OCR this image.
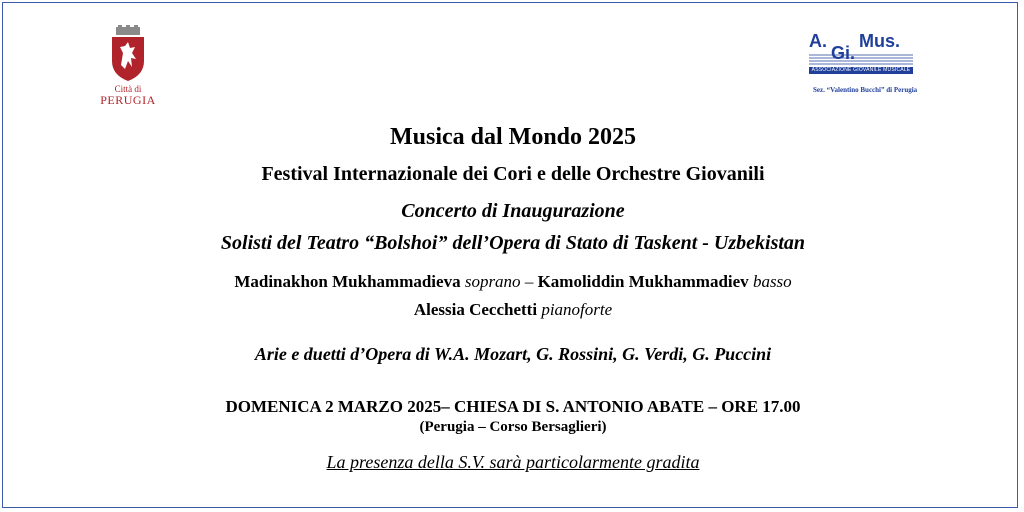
Città di
PERUGIA
A.
Gi.
Mus.
ASSOCIAZIONE GIOVANILE MUSICALE
Sez. “Valentino Bucchi” di Perugia
Musica dal Mondo 2025
Festival Internazionale dei Cori e delle Orchestre Giovanili
Concerto di Inaugurazione
Solisti del Teatro “Bolshoi” dell’Opera di Stato di Taskent - Uzbekistan
Madinakhon Mukhammadieva soprano – Kamoliddin Mukhammadiev basso
Alessia Cecchetti pianoforte
Arie e duetti d’Opera di W.A. Mozart, G. Rossini, G. Verdi, G. Puccini
DOMENICA 2 MARZO 2025– CHIESA DI S. ANTONIO ABATE – ORE 17.00
(Perugia – Corso Bersaglieri)
La presenza della S.V. sarà particolarmente gradita
